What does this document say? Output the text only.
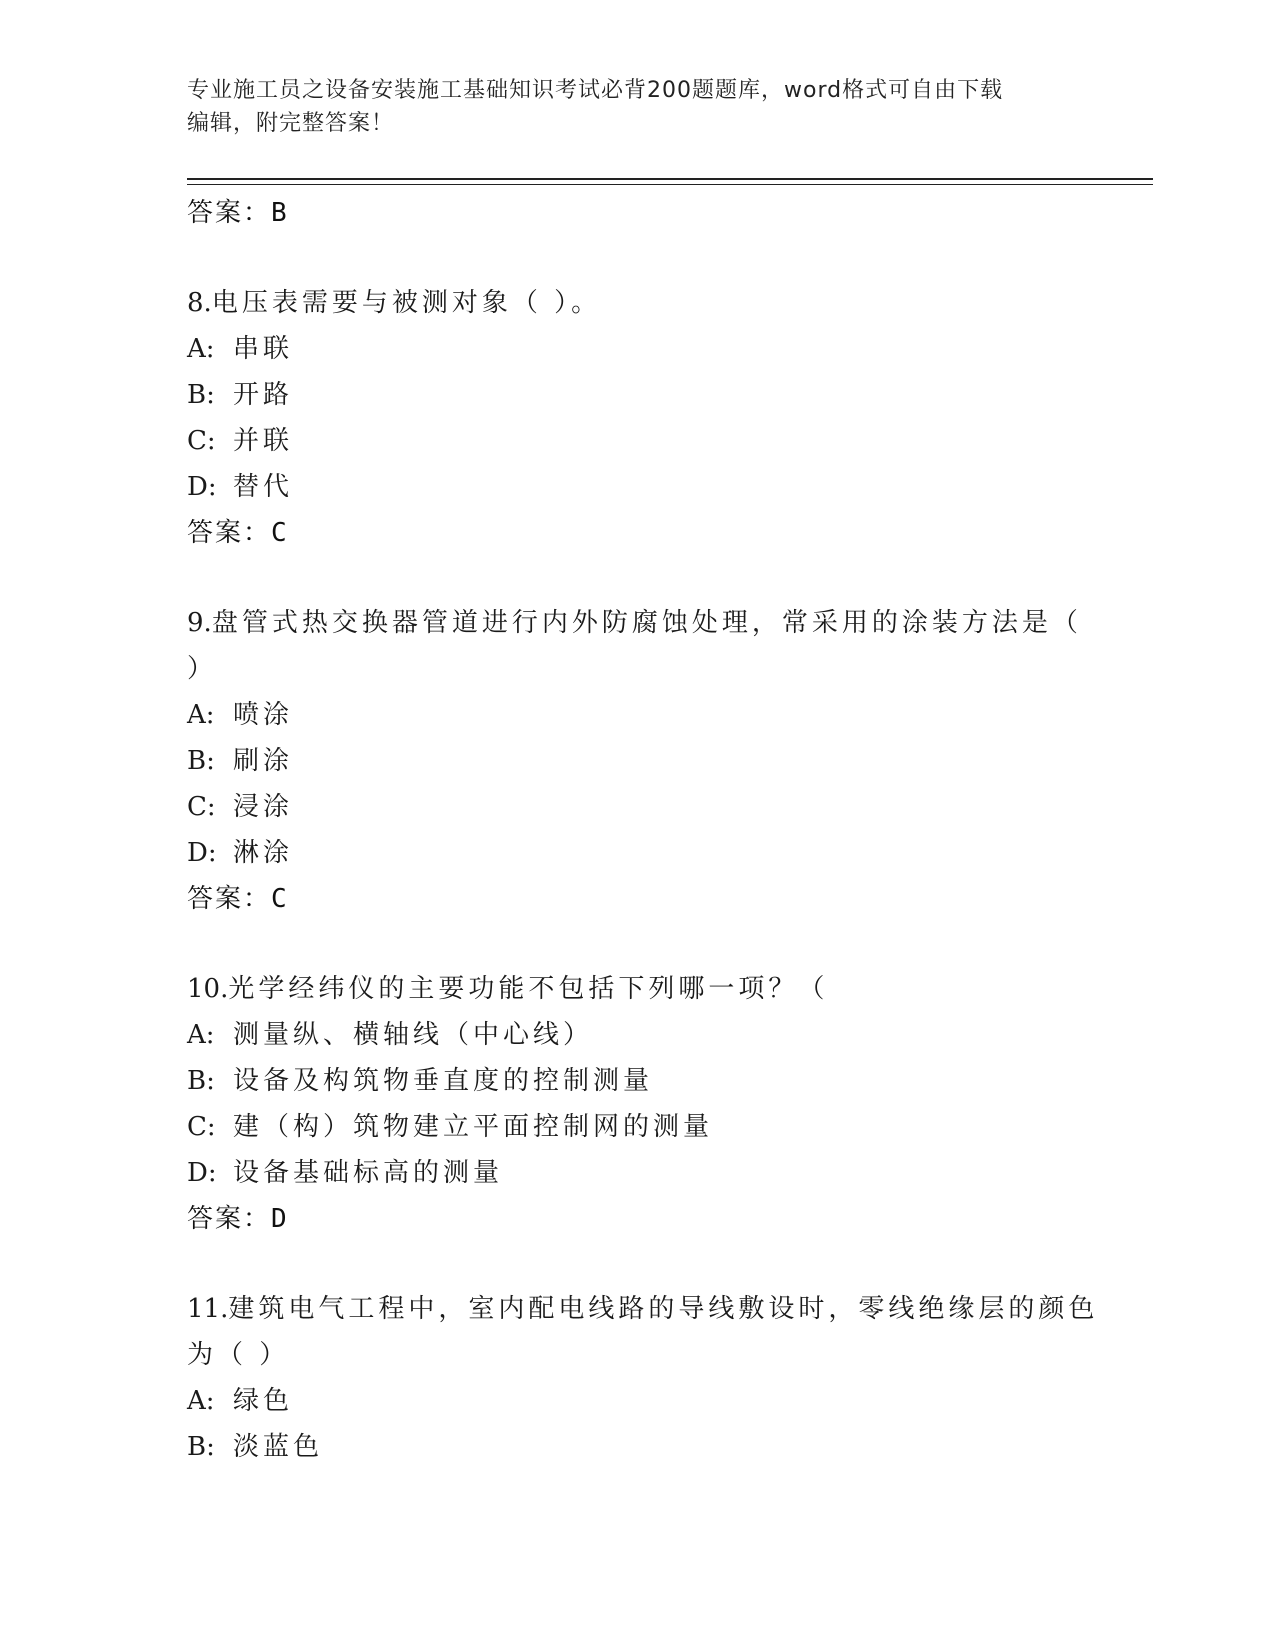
专业施工员之设备安装施工基础知识考试必背200题题库，word格式可自由下载
编辑，附完整答案！
答案：B
8.电压表需要与被测对象（ ）。
A: 串联
B: 开路
C: 并联
D: 替代
答案：C
9.盘管式热交换器管道进行内外防腐蚀处理，常采用的涂装方法是（
）
A: 喷涂
B: 刷涂
C: 浸涂
D: 淋涂
答案：C
10.光学经纬仪的主要功能不包括下列哪一项？（
A: 测量纵、横轴线（中心线）
B: 设备及构筑物垂直度的控制测量
C: 建（构）筑物建立平面控制网的测量
D: 设备基础标高的测量
答案：D
11.建筑电气工程中，室内配电线路的导线敷设时，零线绝缘层的颜色
为（ ）
A: 绿色
B: 淡蓝色
